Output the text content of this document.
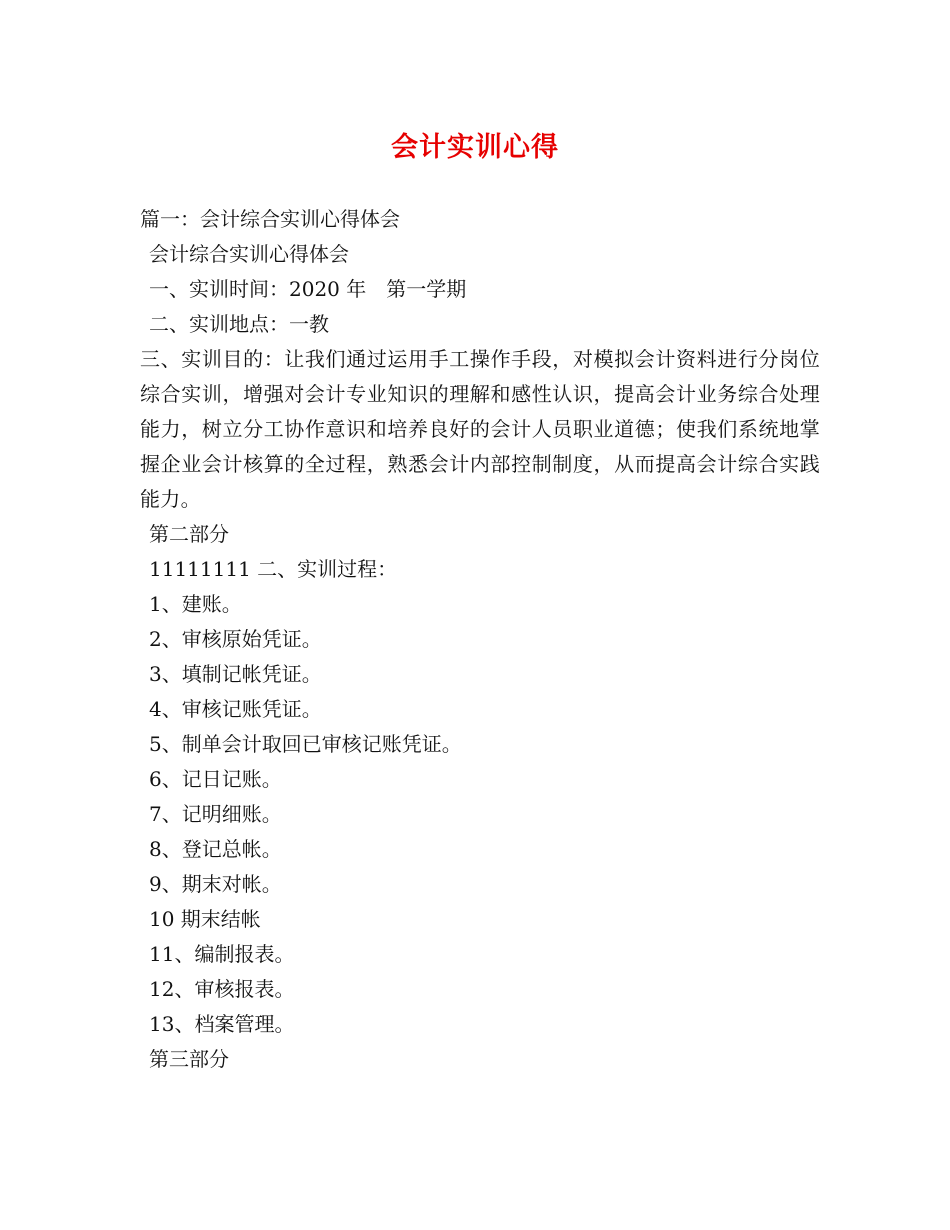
会计实训心得

篇一：会计综合实训心得体会

会计综合实训心得体会

一、实训时间：2020 年　第一学期

二、实训地点：一教

三、实训目的：让我们通过运用手工操作手段，对模拟会计资料进行分岗位综合实训，增强对会计专业知识的理解和感性认识，提高会计业务综合处理能力，树立分工协作意识和培养良好的会计人员职业道德；使我们系统地掌握企业会计核算的全过程，熟悉会计内部控制制度，从而提高会计综合实践能力。

第二部分

11111111 二、实训过程：

1、建账。

2、审核原始凭证。

3、填制记帐凭证。

4、审核记账凭证。

5、制单会计取回已审核记账凭证。

6、记日记账。

7、记明细账。

8、登记总帐。

9、期末对帐。

10 期末结帐

11、编制报表。

12、审核报表。

13、档案管理。

第三部分
